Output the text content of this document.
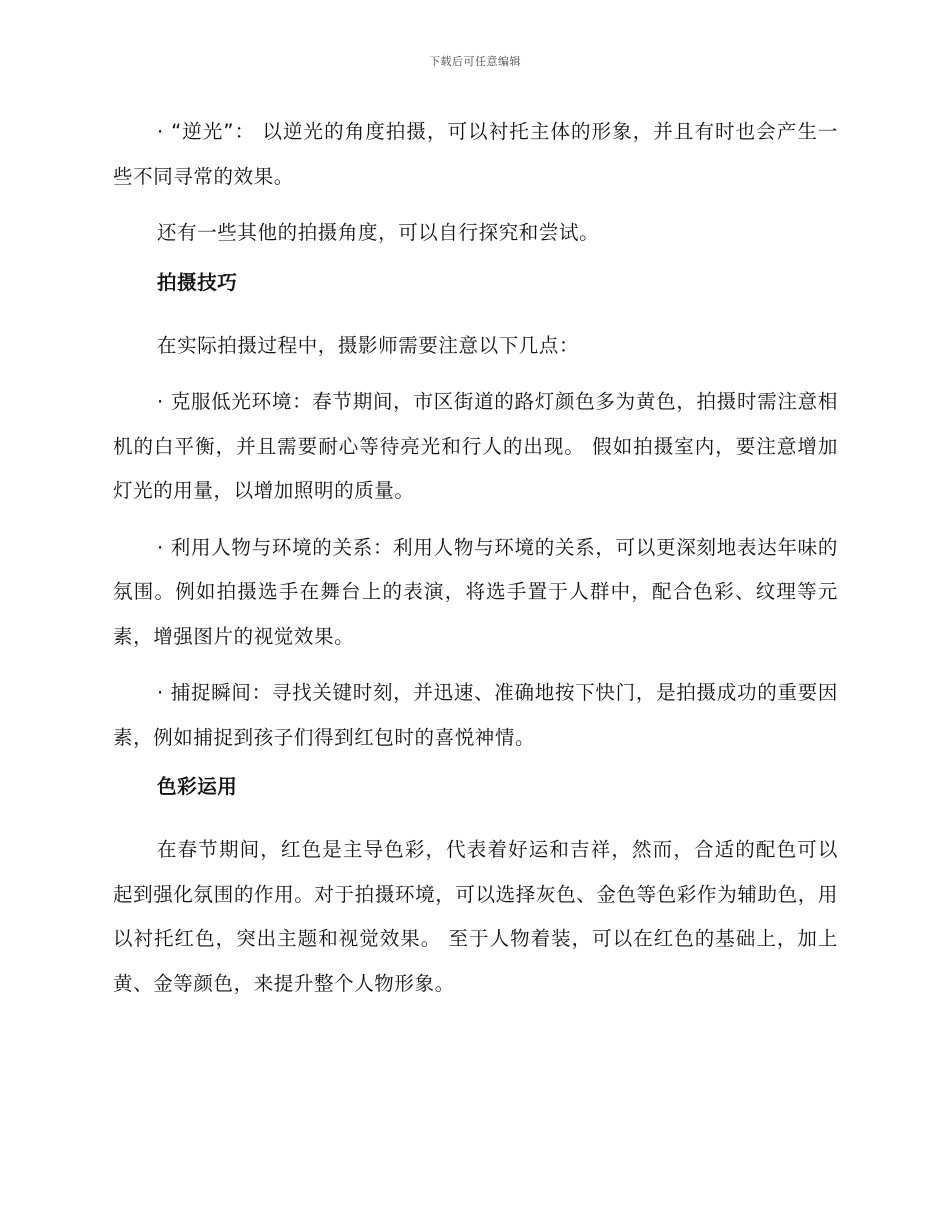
下载后可任意编辑

· “逆光”： 以逆光的角度拍摄，可以衬托主体的形象，并且有时也会产生一些不同寻常的效果。

还有一些其他的拍摄角度，可以自行探究和尝试。

拍摄技巧

在实际拍摄过程中，摄影师需要注意以下几点：

· 克服低光环境：春节期间，市区街道的路灯颜色多为黄色，拍摄时需注意相机的白平衡，并且需要耐心等待亮光和行人的出现。 假如拍摄室内，要注意增加灯光的用量，以增加照明的质量。

· 利用人物与环境的关系：利用人物与环境的关系，可以更深刻地表达年味的氛围。例如拍摄选手在舞台上的表演，将选手置于人群中，配合色彩、纹理等元素，增强图片的视觉效果。

· 捕捉瞬间：寻找关键时刻，并迅速、准确地按下快门，是拍摄成功的重要因素，例如捕捉到孩子们得到红包时的喜悦神情。

色彩运用

在春节期间，红色是主导色彩，代表着好运和吉祥，然而，合适的配色可以起到强化氛围的作用。对于拍摄环境，可以选择灰色、金色等色彩作为辅助色，用以衬托红色，突出主题和视觉效果。 至于人物着装，可以在红色的基础上，加上黄、金等颜色，来提升整个人物形象。
